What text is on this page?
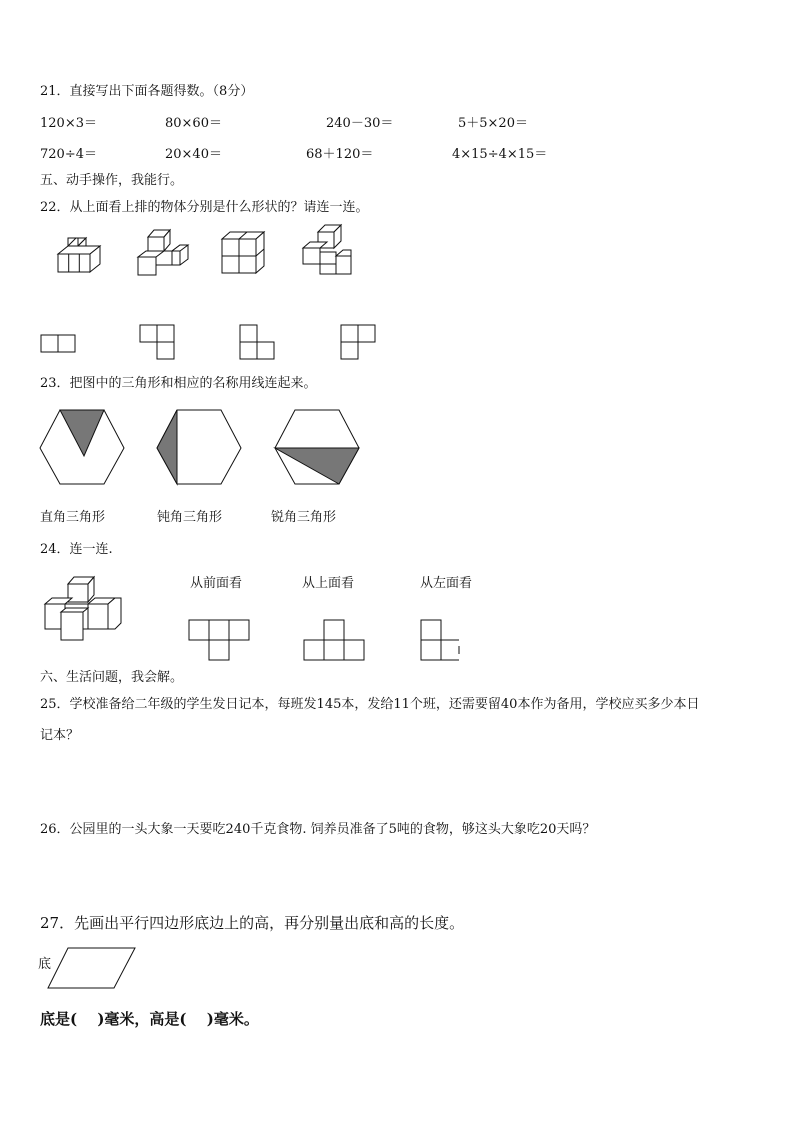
21．直接写出下面各题得数。（8分）
120×3＝	80×60＝	240－30＝	5＋5×20＝
720÷4＝	20×40＝	68＋120＝	4×15÷4×15＝
五、动手操作，我能行。
22．从上面看上排的物体分别是什么形状的？请连一连。
23．把图中的三角形和相应的名称用线连起来。
直角三角形	钝角三角形	锐角三角形
24．连一连.
从前面看	从上面看	从左面看
六、生活问题，我会解。
25．学校准备给二年级的学生发日记本，每班发145本，发给11个班，还需要留40本作为备用，学校应买多少本日
记本？
26．公园里的一头大象一天要吃240千克食物. 饲养员准备了5吨的食物，够这头大象吃20天吗？
27．先画出平行四边形底边上的高，再分别量出底和高的长度。
底
底是(　 )毫米，高是(　 )毫米。
